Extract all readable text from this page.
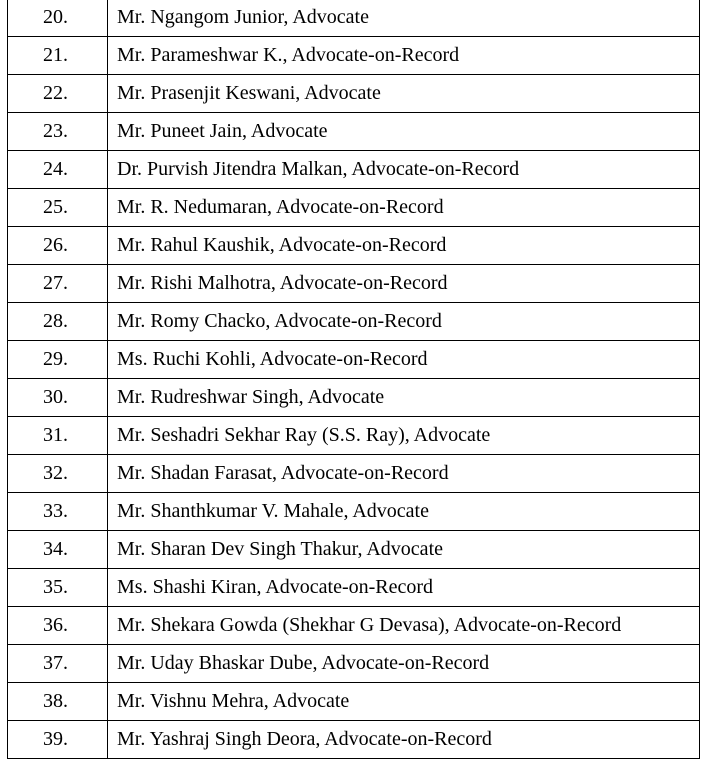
20.	Mr. Ngangom Junior, Advocate
21.	Mr. Parameshwar K., Advocate-on-Record
22.	Mr. Prasenjit Keswani, Advocate
23.	Mr. Puneet Jain, Advocate
24.	Dr. Purvish Jitendra Malkan, Advocate-on-Record
25.	Mr. R. Nedumaran, Advocate-on-Record
26.	Mr. Rahul Kaushik, Advocate-on-Record
27.	Mr. Rishi Malhotra, Advocate-on-Record
28.	Mr. Romy Chacko, Advocate-on-Record
29.	Ms. Ruchi Kohli, Advocate-on-Record
30.	Mr. Rudreshwar Singh, Advocate
31.	Mr. Seshadri Sekhar Ray (S.S. Ray), Advocate
32.	Mr. Shadan Farasat, Advocate-on-Record
33.	Mr. Shanthkumar V. Mahale, Advocate
34.	Mr. Sharan Dev Singh Thakur, Advocate
35.	Ms. Shashi Kiran, Advocate-on-Record
36.	Mr. Shekara Gowda (Shekhar G Devasa), Advocate-on-Record
37.	Mr. Uday Bhaskar Dube, Advocate-on-Record
38.	Mr. Vishnu Mehra, Advocate
39.	Mr. Yashraj Singh Deora, Advocate-on-Record
